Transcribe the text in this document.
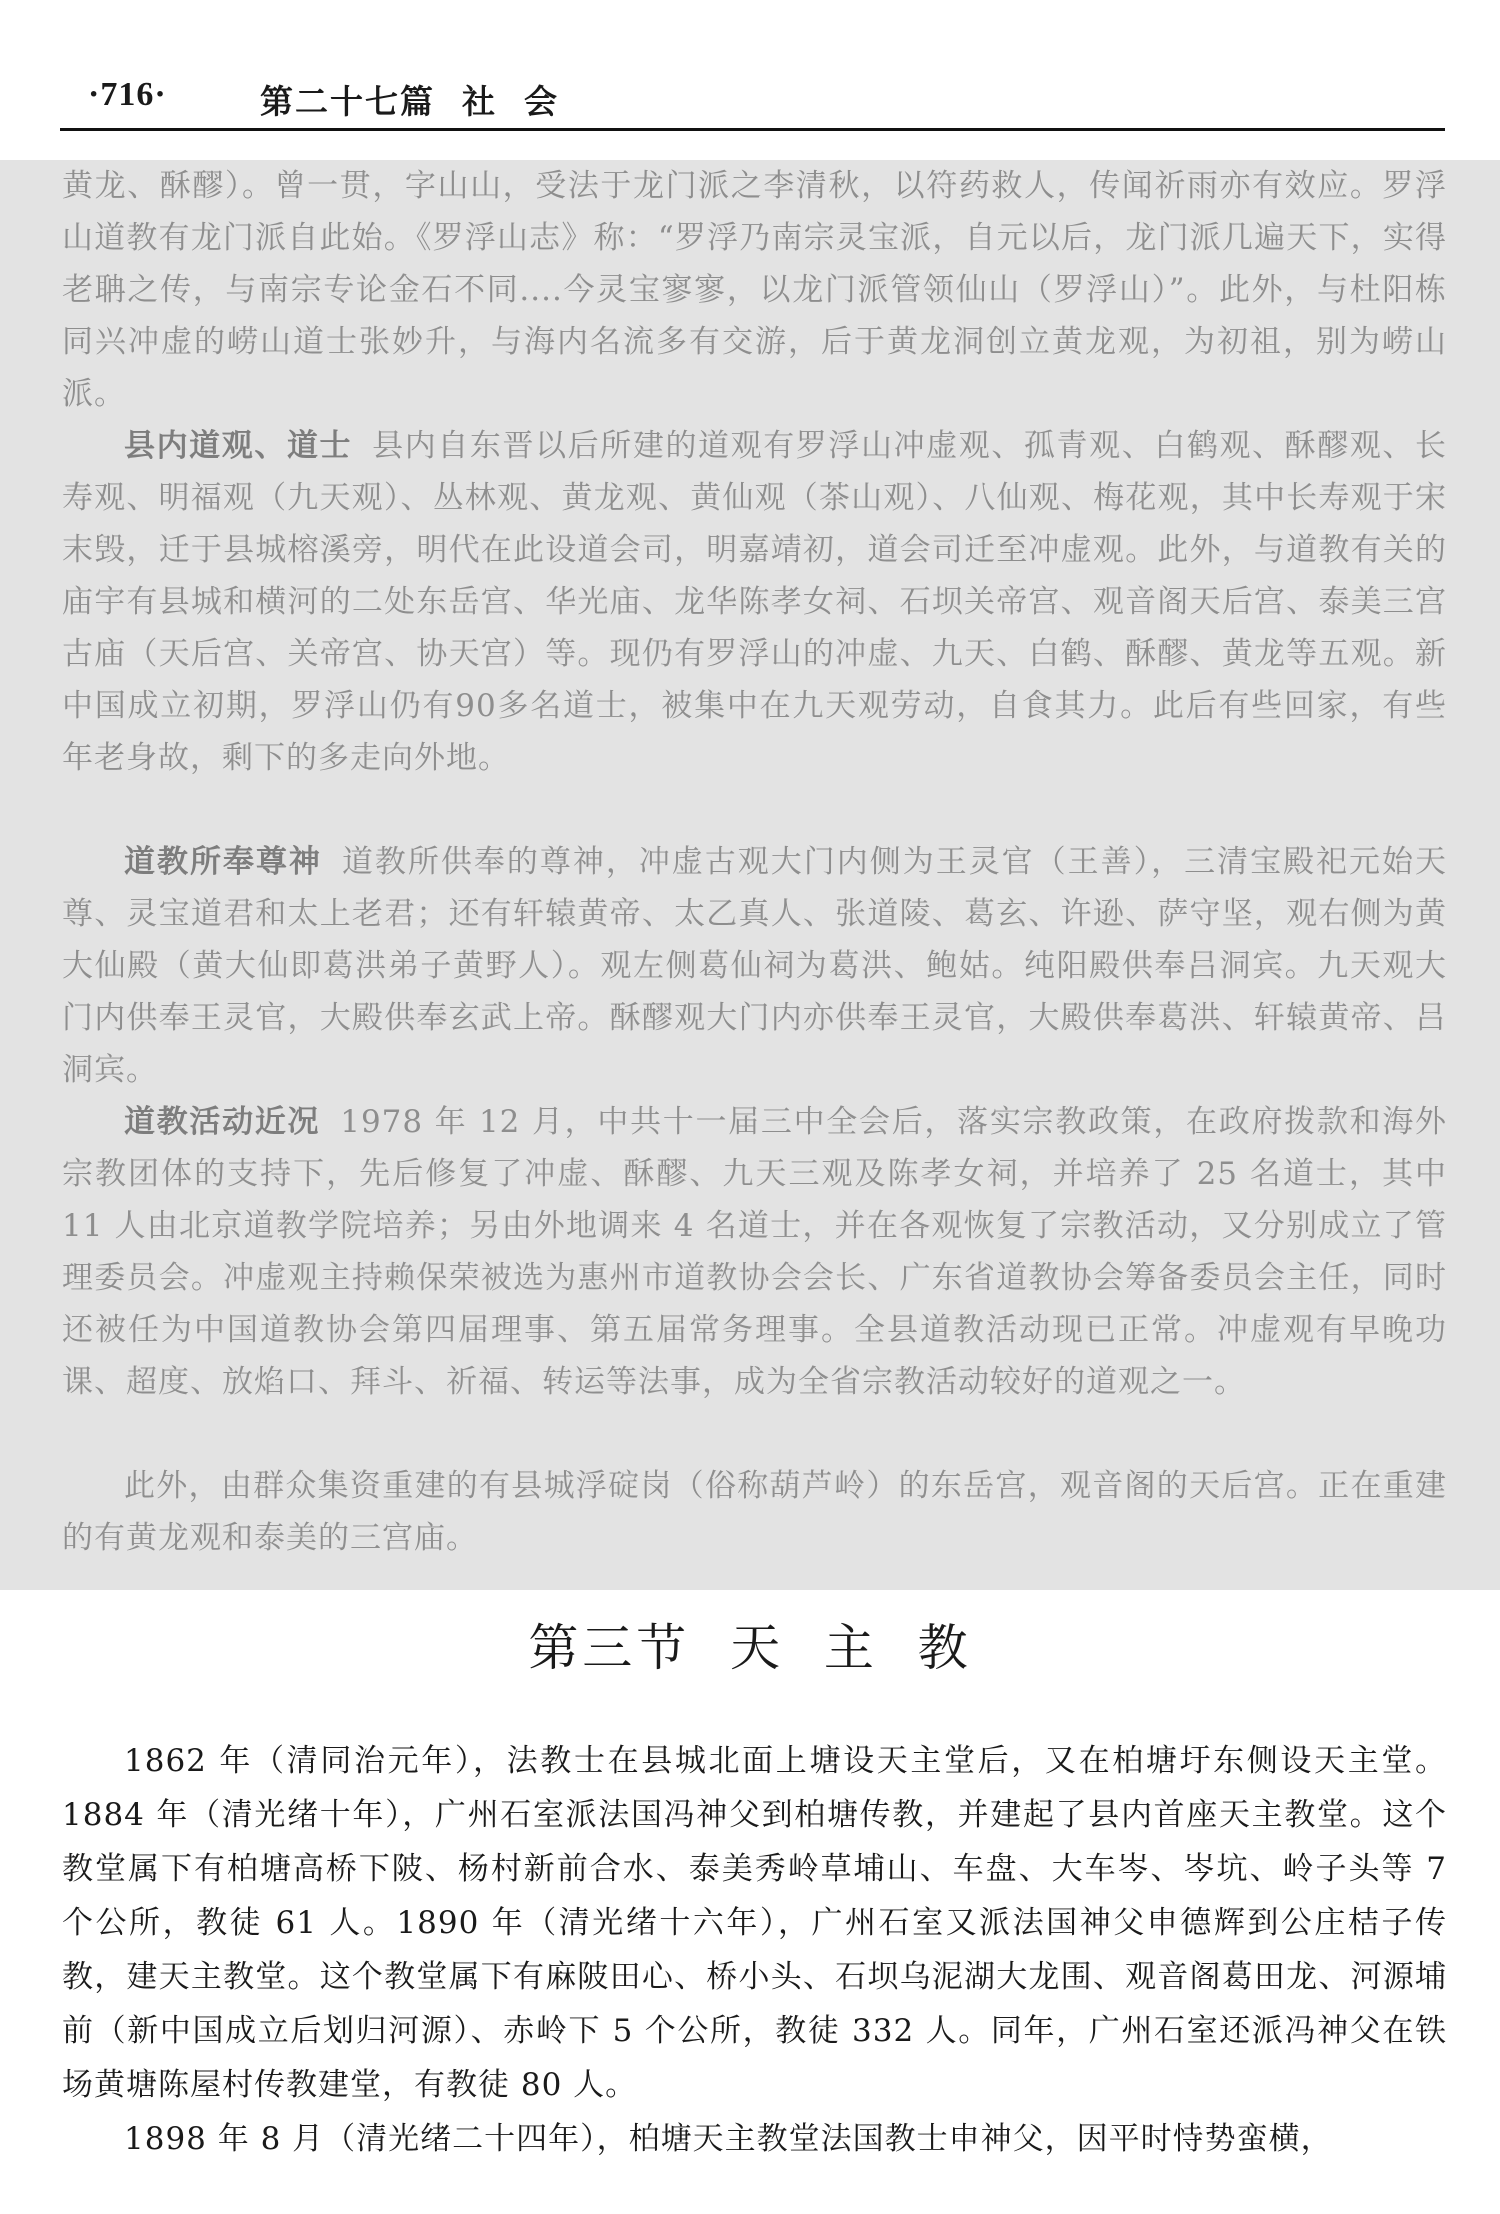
·716·	第二十七篇  社  会

黄龙、酥醪）。曾一贯，字山山，受法于龙门派之李清秋，以符药救人，传闻祈雨亦有效应。罗浮山道教有龙门派自此始。《罗浮山志》称：“罗浮乃南宗灵宝派，自元以后，龙门派几遍天下，实得老聃之传，与南宗专论金石不同....今灵宝寥寥，以龙门派管领仙山（罗浮山）”。此外，与杜阳栋同兴冲虚的崂山道士张妙升，与海内名流多有交游，后于黄龙洞创立黄龙观，为初祖，别为崂山派。

县内道观、道士 县内自东晋以后所建的道观有罗浮山冲虚观、孤青观、白鹤观、酥醪观、长寿观、明福观（九天观）、丛林观、黄龙观、黄仙观（茶山观）、八仙观、梅花观，其中长寿观于宋末毁，迁于县城榕溪旁，明代在此设道会司，明嘉靖初，道会司迁至冲虚观。此外，与道教有关的庙宇有县城和横河的二处东岳宫、华光庙、龙华陈孝女祠、石坝关帝宫、观音阁天后宫、泰美三宫古庙（天后宫、关帝宫、协天宫）等。现仍有罗浮山的冲虚、九天、白鹤、酥醪、黄龙等五观。新中国成立初期，罗浮山仍有90多名道士，被集中在九天观劳动，自食其力。此后有些回家，有些年老身故，剩下的多走向外地。

道教所奉尊神 道教所供奉的尊神，冲虚古观大门内侧为王灵官（王善），三清宝殿祀元始天尊、灵宝道君和太上老君；还有轩辕黄帝、太乙真人、张道陵、葛玄、许逊、萨守坚，观右侧为黄大仙殿（黄大仙即葛洪弟子黄野人）。观左侧葛仙祠为葛洪、鲍姑。纯阳殿供奉吕洞宾。九天观大门内供奉王灵官，大殿供奉玄武上帝。酥醪观大门内亦供奉王灵官，大殿供奉葛洪、轩辕黄帝、吕洞宾。

道教活动近况 1978 年 12 月，中共十一届三中全会后，落实宗教政策，在政府拨款和海外宗教团体的支持下，先后修复了冲虚、酥醪、九天三观及陈孝女祠，并培养了 25 名道士，其中 11 人由北京道教学院培养；另由外地调来 4 名道士，并在各观恢复了宗教活动，又分别成立了管理委员会。冲虚观主持赖保荣被选为惠州市道教协会会长、广东省道教协会筹备委员会主任，同时还被任为中国道教协会第四届理事、第五届常务理事。全县道教活动现已正常。冲虚观有早晚功课、超度、放焰口、拜斗、祈福、转运等法事，成为全省宗教活动较好的道观之一。

此外，由群众集资重建的有县城浮碇岗（俗称葫芦岭）的东岳宫，观音阁的天后宫。正在重建的有黄龙观和泰美的三宫庙。

第三节  天  主  教

1862 年（清同治元年），法教士在县城北面上塘设天主堂后，又在柏塘圩东侧设天主堂。1884 年（清光绪十年），广州石室派法国冯神父到柏塘传教，并建起了县内首座天主教堂。这个教堂属下有柏塘高桥下陂、杨村新前合水、泰美秀岭草埔山、车盘、大车岑、岑坑、岭子头等 7 个公所，教徒 61 人。1890 年（清光绪十六年），广州石室又派法国神父申德辉到公庄桔子传教，建天主教堂。这个教堂属下有麻陂田心、桥小头、石坝乌泥湖大龙围、观音阁葛田龙、河源埔前（新中国成立后划归河源）、赤岭下 5 个公所，教徒 332 人。同年，广州石室还派冯神父在铁场黄塘陈屋村传教建堂，有教徒 80 人。

1898 年 8 月（清光绪二十四年），柏塘天主教堂法国教士申神父，因平时恃势蛮横，
